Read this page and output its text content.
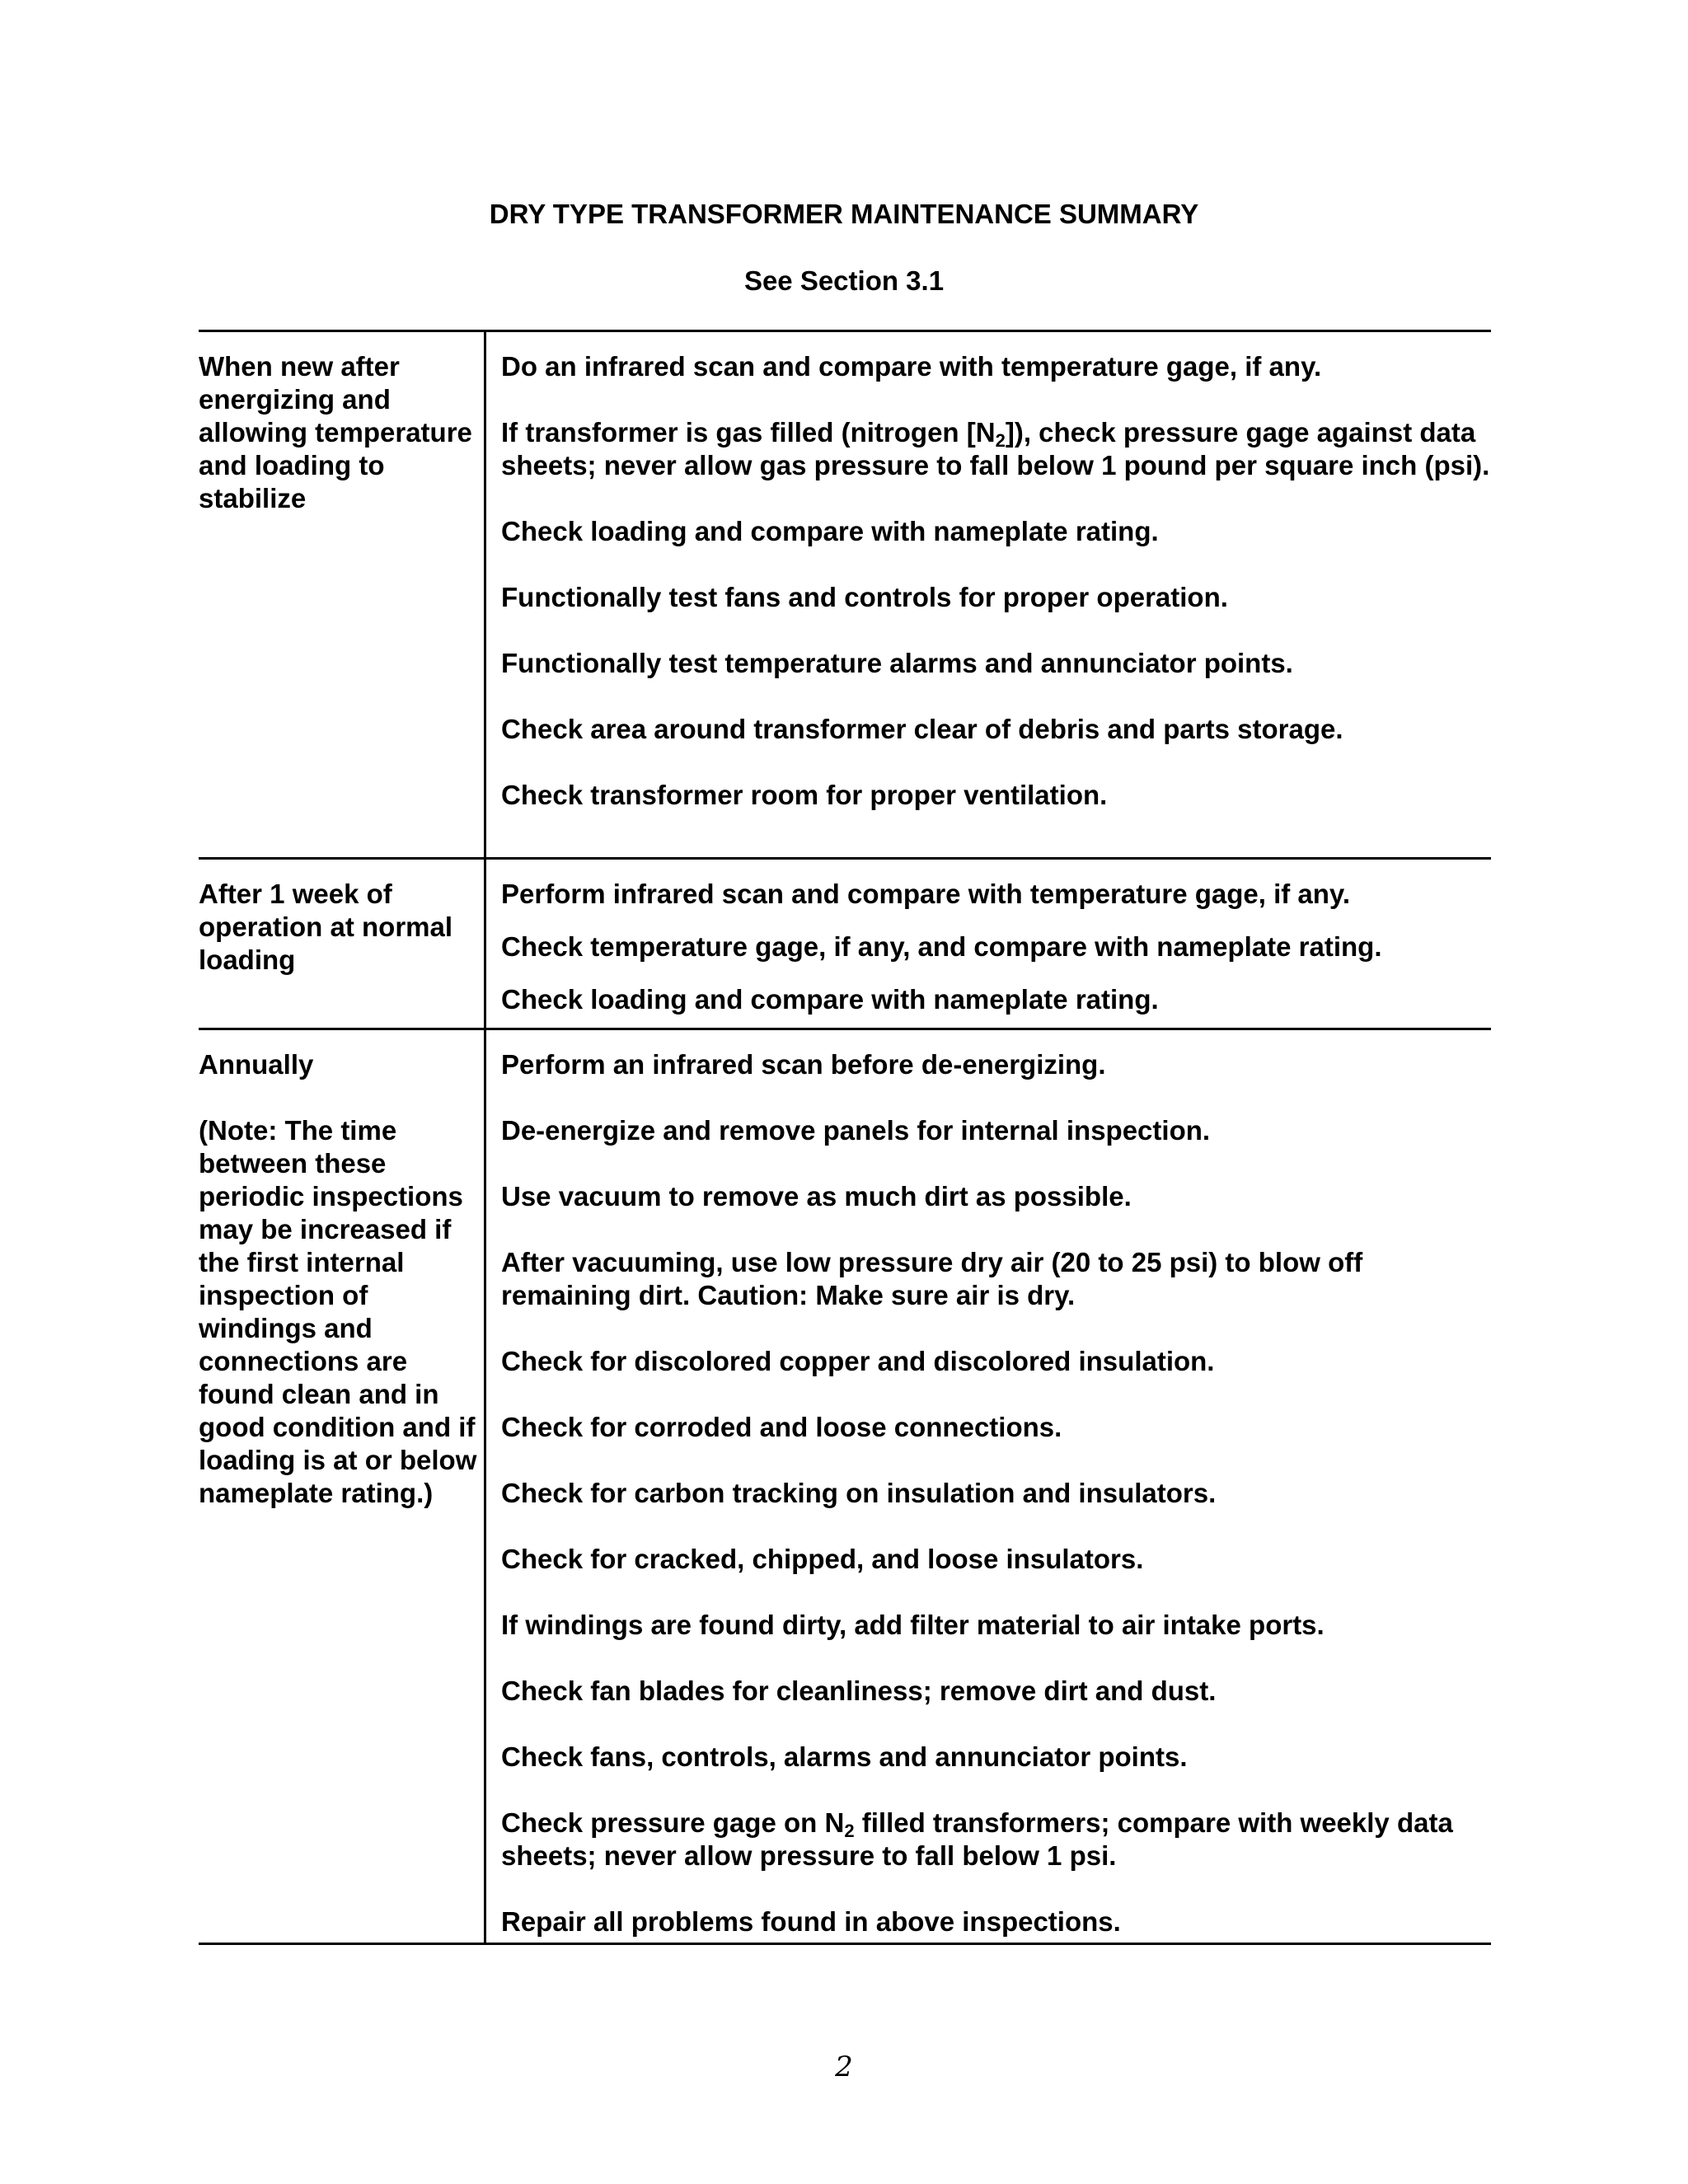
DRY TYPE TRANSFORMER MAINTENANCE SUMMARY
See Section 3.1
When new after energizing and allowing temperature and loading to stabilize
Do an infrared scan and compare with temperature gage, if any.
If transformer is gas filled (nitrogen $[N_2]$), check pressure gage against data sheets; never allow gas pressure to fall below 1 pound per square inch (psi).
Check loading and compare with nameplate rating.
Functionally test fans and controls for proper operation.
Functionally test temperature alarms and annunciator points.
Check area around transformer clear of debris and parts storage.
Check transformer room for proper ventilation.
After 1 week of operation at normal loading
Perform infrared scan and compare with temperature gage, if any.
Check temperature gage, if any, and compare with nameplate rating.
Check loading and compare with nameplate rating.
Annually
(Note: The time between these periodic inspections may be increased if the first internal inspection of windings and connections are found clean and in good condition and if loading is at or below nameplate rating.)
Perform an infrared scan before de-energizing.
De-energize and remove panels for internal inspection.
Use vacuum to remove as much dirt as possible.
After vacuuming, use low pressure dry air (20 to 25 psi) to blow off remaining dirt. Caution: Make sure air is dry.
Check for discolored copper and discolored insulation.
Check for corroded and loose connections.
Check for carbon tracking on insulation and insulators.
Check for cracked, chipped, and loose insulators.
If windings are found dirty, add filter material to air intake ports.
Check fan blades for cleanliness; remove dirt and dust.
Check fans, controls, alarms and annunciator points.
Check pressure gage on $N_2$ filled transformers; compare with weekly data sheets; never allow pressure to fall below 1 psi.
Repair all problems found in above inspections.
2
